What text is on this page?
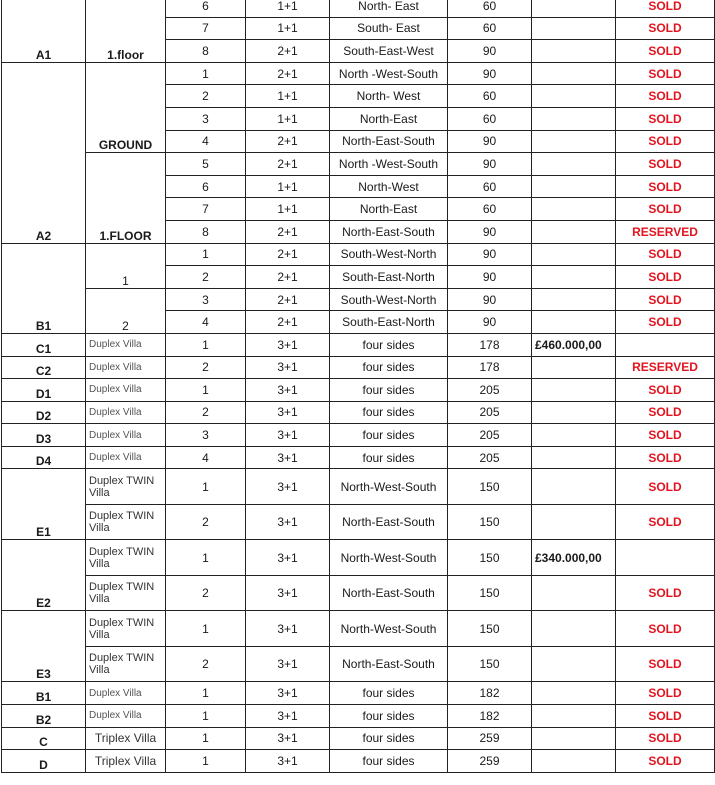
A1	1.floor	6	1+1	North- East	60		SOLD
		7	1+1	South- East	60		SOLD
		8	2+1	South-East-West	90		SOLD
A2	GROUND	1	2+1	North -West-South	90		SOLD
		2	1+1	North- West	60		SOLD
		3	1+1	North-East	60		SOLD
		4	2+1	North-East-South	90		SOLD
	1.FLOOR	5	2+1	North -West-South	90		SOLD
		6	1+1	North-West	60		SOLD
		7	1+1	North-East	60		SOLD
		8	2+1	North-East-South	90		RESERVED
B1	1	1	2+1	South-West-North	90		SOLD
		2	2+1	South-East-North	90		SOLD
	2	3	2+1	South-West-North	90		SOLD
		4	2+1	South-East-North	90		SOLD
C1	Duplex Villa	1	3+1	four sides	178	£460.000,00	
C2	Duplex Villa	2	3+1	four sides	178		RESERVED
D1	Duplex Villa	1	3+1	four sides	205		SOLD
D2	Duplex Villa	2	3+1	four sides	205		SOLD
D3	Duplex Villa	3	3+1	four sides	205		SOLD
D4	Duplex Villa	4	3+1	four sides	205		SOLD
E1	Duplex TWIN Villa	1	3+1	North-West-South	150		SOLD
	Duplex TWIN Villa	2	3+1	North-East-South	150		SOLD
E2	Duplex TWIN Villa	1	3+1	North-West-South	150	£340.000,00	
	Duplex TWIN Villa	2	3+1	North-East-South	150		SOLD
E3	Duplex TWIN Villa	1	3+1	North-West-South	150		SOLD
	Duplex TWIN Villa	2	3+1	North-East-South	150		SOLD
B1	Duplex Villa	1	3+1	four sides	182		SOLD
B2	Duplex Villa	1	3+1	four sides	182		SOLD
C	Triplex Villa	1	3+1	four sides	259		SOLD
D	Triplex Villa	1	3+1	four sides	259		SOLD
